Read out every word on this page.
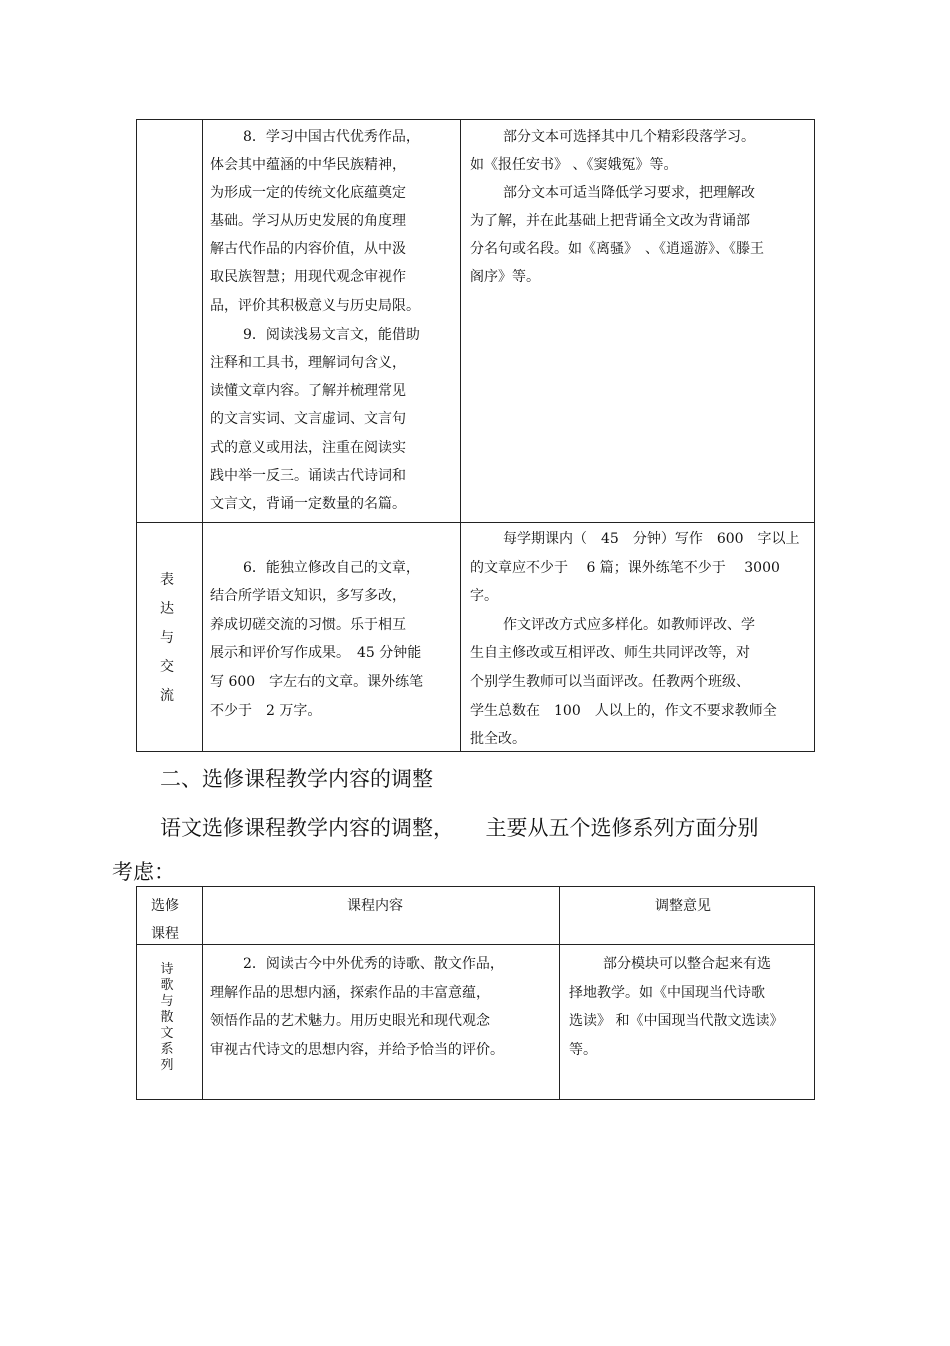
8．学习中国古代优秀作品，
体会其中蕴涵的中华民族精神，
为形成一定的传统文化底蕴奠定
基础。学习从历史发展的角度理
解古代作品的内容价值，从中汲
取民族智慧；用现代观念审视作
品，评价其积极意义与历史局限。
9．阅读浅易文言文，能借助
注释和工具书，理解词句含义，
读懂文章内容。了解并梳理常见
的文言实词、文言虚词、文言句
式的意义或用法，注重在阅读实
践中举一反三。诵读古代诗词和
文言文，背诵一定数量的名篇。
部分文本可选择其中几个精彩段落学习。
如《报任安书》 、《窦娥冤》等。
部分文本可适当降低学习要求，把理解改
为了解，并在此基础上把背诵全文改为背诵部
分名句或名段。如《离骚》　、《逍遥游》、《滕王
阁序》等。
表
达
与
交
流
6．能独立修改自己的文章，
结合所学语文知识，多写多改，
养成切磋交流的习惯。乐于相互
展示和评价写作成果。　45 分钟能
写 600　字左右的文章。课外练笔
不少于　2 万字。
每学期课内（　45　分钟）写作　600　字以上
的文章应不少于　 6 篇；课外练笔不少于　 3000
字。
作文评改方式应多样化。如教师评改、学
生自主修改或互相评改、师生共同评改等，对
个别学生教师可以当面评改。任教两个班级、
学生总数在　100　人以上的，作文不要求教师全
批全改。
二、选修课程教学内容的调整
语文选修课程教学内容的调整，　　主要从五个选修系列方面分别
考虑：
选修
课程
课程内容	调整意见
诗
歌
与
散
文
系
列
2．阅读古今中外优秀的诗歌、散文作品，
理解作品的思想内涵，探索作品的丰富意蕴，
领悟作品的艺术魅力。用历史眼光和现代观念
审视古代诗文的思想内容，并给予恰当的评价。
部分模块可以整合起来有选
择地教学。如《中国现当代诗歌
选读》 和《中国现当代散文选读》
等。
